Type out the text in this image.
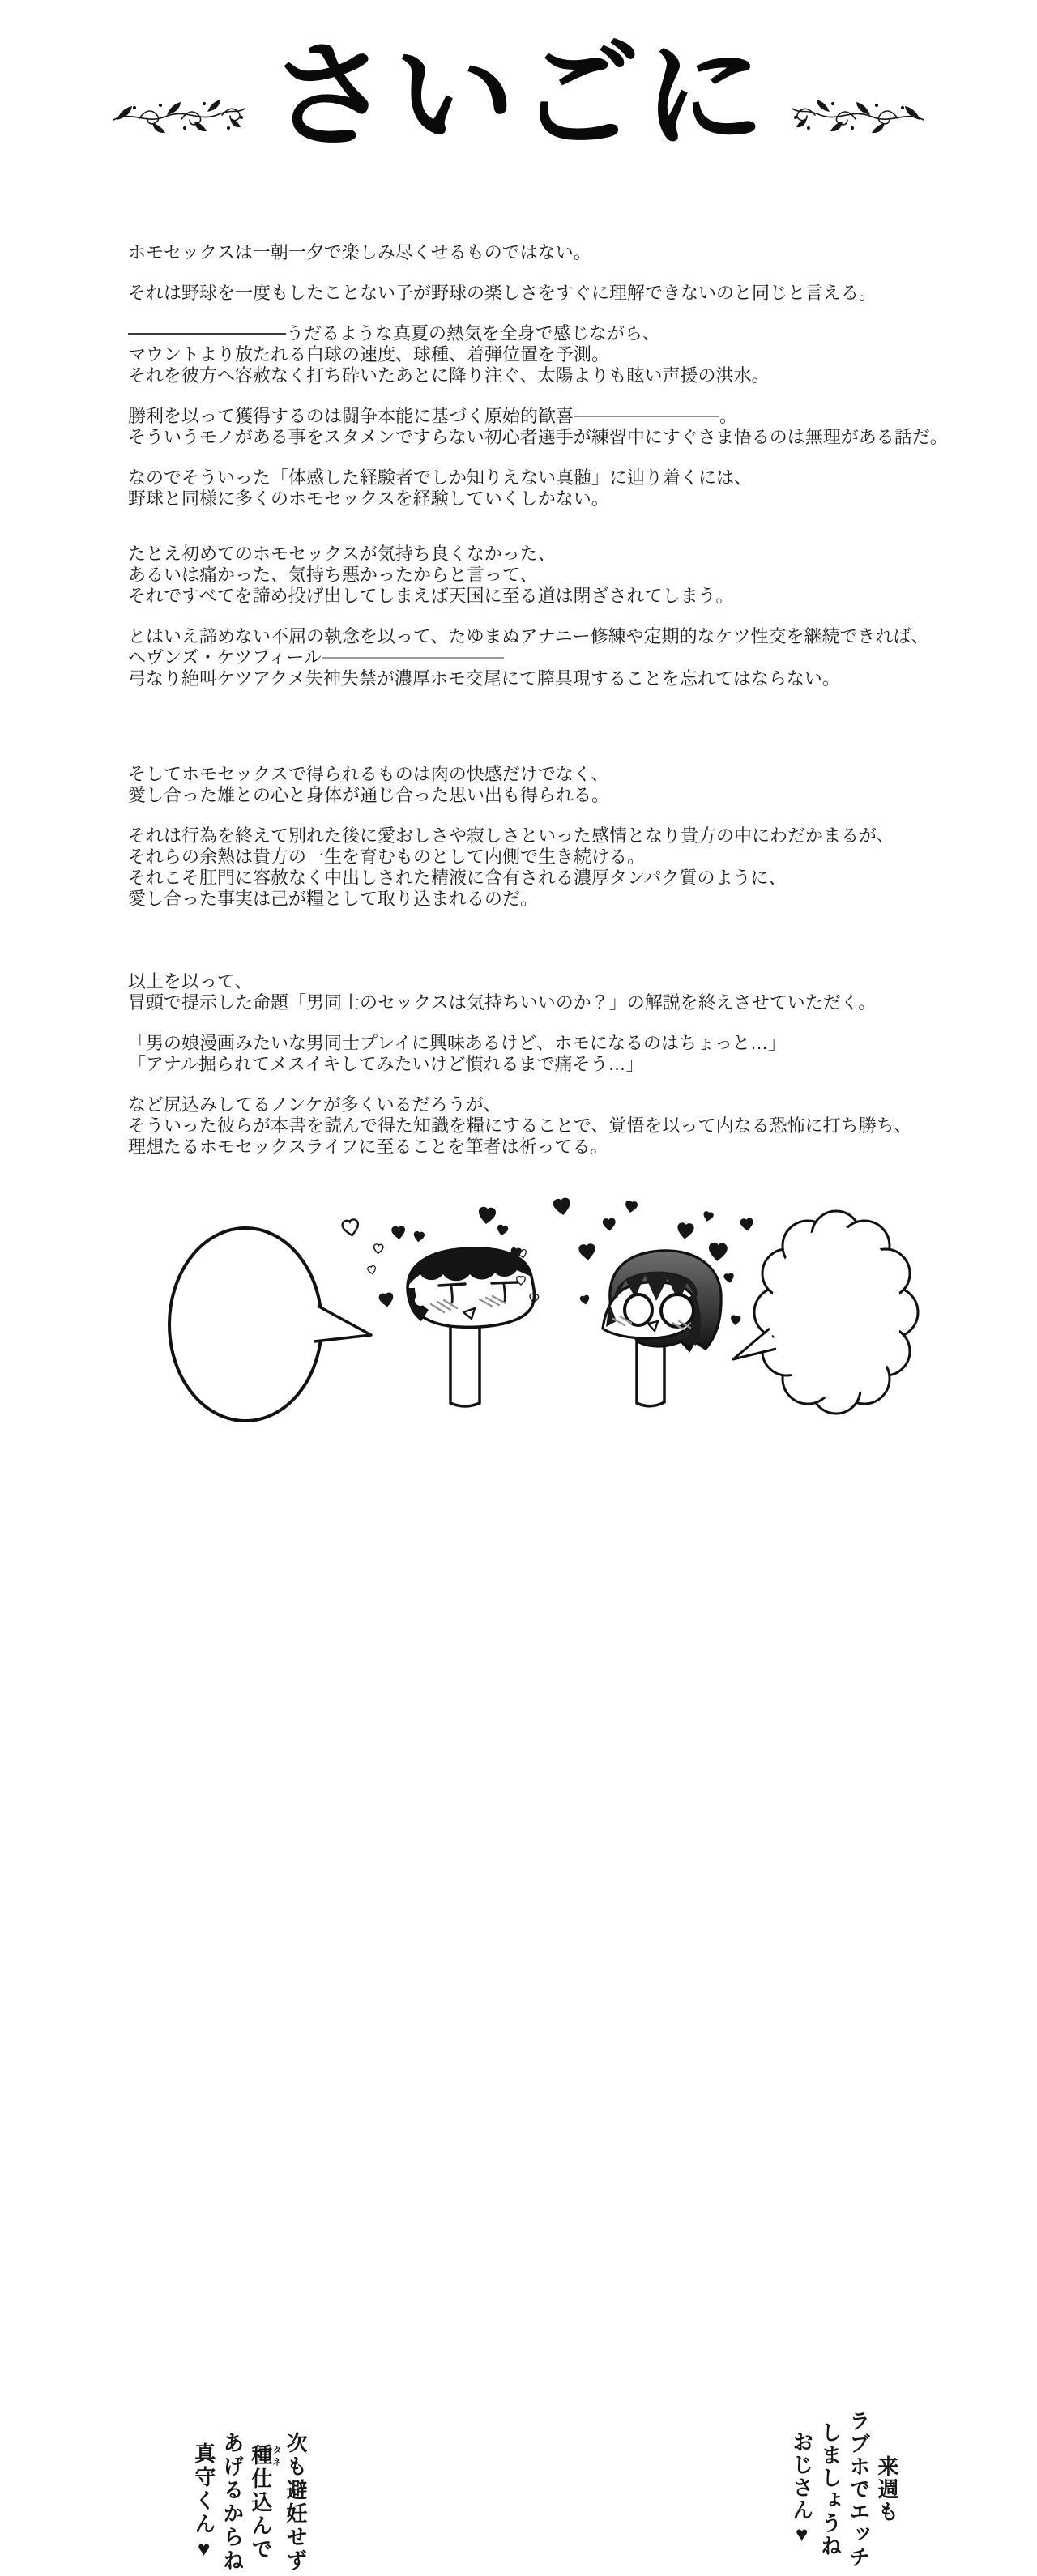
さいごに
ホモセックスは一朝一夕で楽しみ尽くせるものではない。
それは野球を一度もしたことない子が野球の楽しさをすぐに理解できないのと同じと言える。
うだるような真夏の熱気を全身で感じながら、
マウントより放たれる白球の速度、球種、着弾位置を予測。
それを彼方へ容赦なく打ち砕いたあとに降り注ぐ、太陽よりも眩い声援の洪水。
勝利を以って獲得するのは闘争本能に基づく原始的歓喜	。
そういうモノがある事をスタメンですらない初心者選手が練習中にすぐさま悟るのは無理がある話だ。
なのでそういった「体感した経験者でしか知りえない真髄」に辿り着くには、
野球と同様に多くのホモセックスを経験していくしかない。
たとえ初めてのホモセックスが気持ち良くなかった、
あるいは痛かった、気持ち悪かったからと言って、
それですべてを諦め投げ出してしまえば天国に至る道は閉ざされてしまう。
とはいえ諦めない不屈の執念を以って、たゆまぬアナニー修練や定期的なケツ性交を継続できれば、
ヘヴンズ・ケツフィール
弓なり絶叫ケツアクメ失神失禁が濃厚ホモ交尾にて膣具現することを忘れてはならない。
そしてホモセックスで得られるものは肉の快感だけでなく、
愛し合った雄との心と身体が通じ合った思い出も得られる。
それは行為を終えて別れた後に愛おしさや寂しさといった感情となり貴方の中にわだかまるが、
それらの余熱は貴方の一生を育むものとして内側で生き続ける。
それこそ肛門に容赦なく中出しされた精液に含有される濃厚タンパク質のように、
愛し合った事実は己が糧として取り込まれるのだ。
以上を以って、
冒頭で提示した命題「男同士のセックスは気持ちいいのか？」の解説を終えさせていただく。
「男の娘漫画みたいな男同士プレイに興味あるけど、ホモになるのはちょっと…」
「アナル掘られてメスイキしてみたいけど慣れるまで痛そう…」
など尻込みしてるノンケが多くいるだろうが、
そういった彼らが本書を読んで得た知識を糧にすることで、覚悟を以って内なる恐怖に打ち勝ち、
理想たるホモセックスライフに至ることを筆者は祈ってる。
次も避妊せず
種タネ仕込んで
あげるからね
真守くん♥	来週も
ラブホでエッチ
しましょうね
おじさん♥
